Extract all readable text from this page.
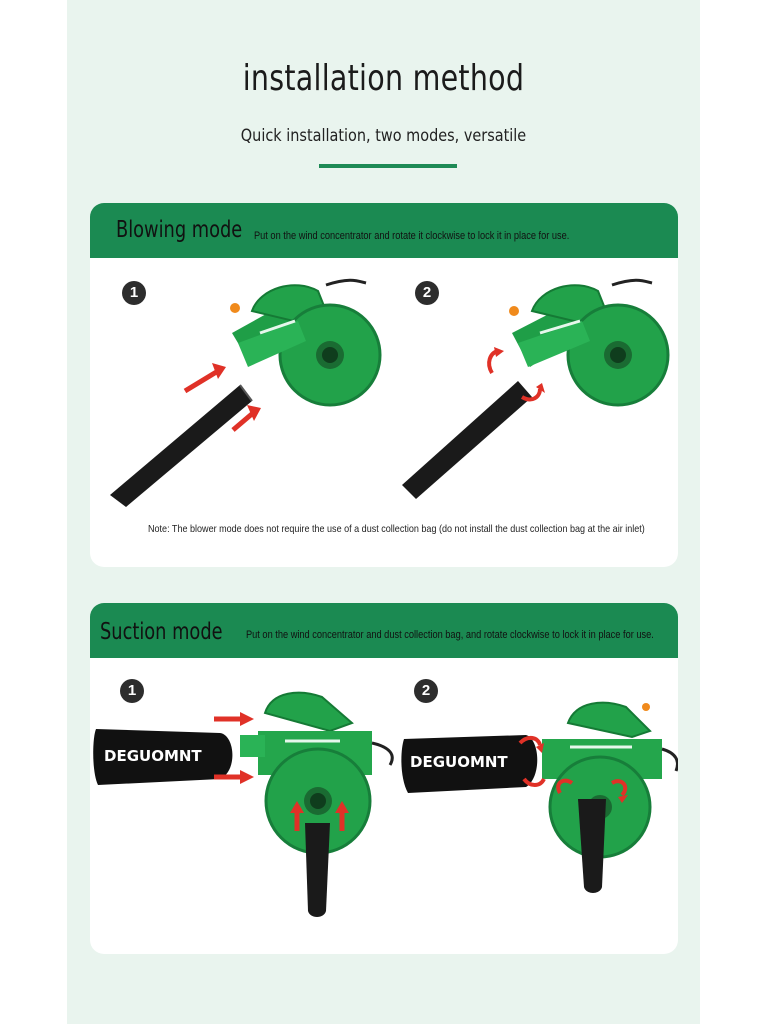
installation method
Quick installation, two modes, versatile
Blowing mode Put on the wind concentrator and rotate it clockwise to lock it in place for use.
1	2
Note: The blower mode does not require the use of a dust collection bag (do not install the dust collection bag at the air inlet)
Suction mode Put on the wind concentrator and dust collection bag, and rotate clockwise to lock it in place for use.
1	2
DEGUOMNT	DEGUOMNT
